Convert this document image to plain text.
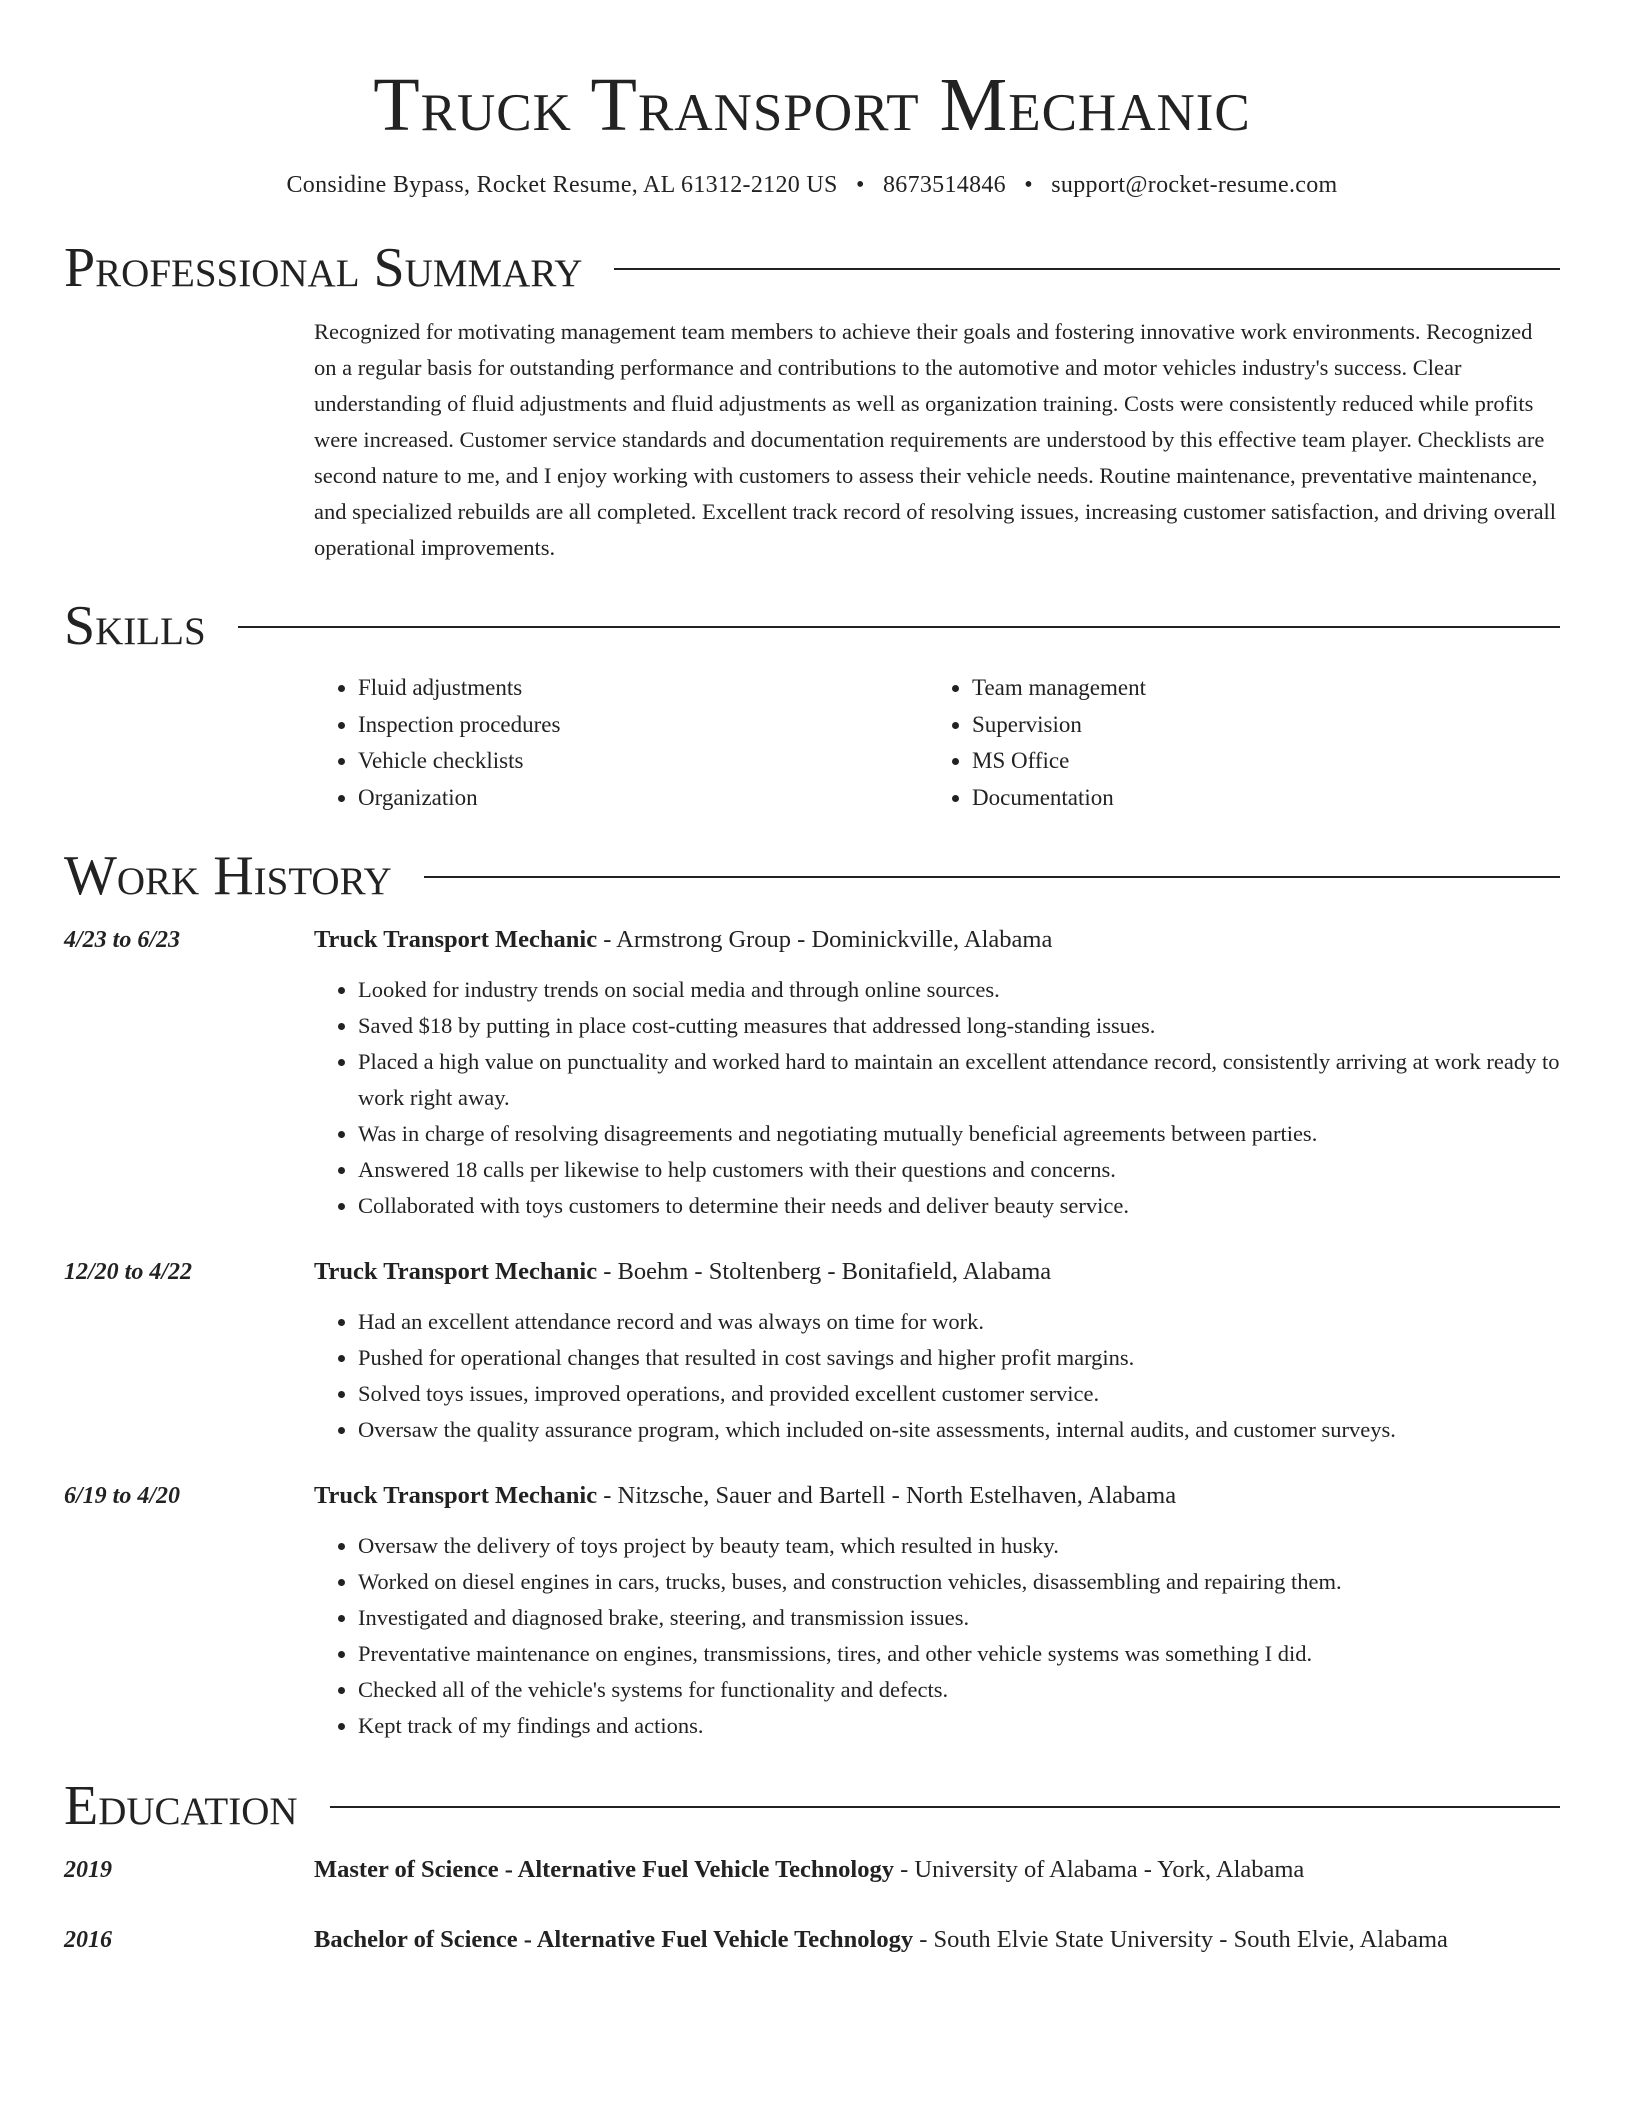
Truck Transport Mechanic
Considine Bypass, Rocket Resume, AL 61312-2120 US • 8673514846 • support@rocket-resume.com
Professional Summary
Recognized for motivating management team members to achieve their goals and fostering innovative work environments. Recognized on a regular basis for outstanding performance and contributions to the automotive and motor vehicles industry's success. Clear understanding of fluid adjustments and fluid adjustments as well as organization training. Costs were consistently reduced while profits were increased. Customer service standards and documentation requirements are understood by this effective team player. Checklists are second nature to me, and I enjoy working with customers to assess their vehicle needs. Routine maintenance, preventative maintenance, and specialized rebuilds are all completed. Excellent track record of resolving issues, increasing customer satisfaction, and driving overall operational improvements.
Skills
• Fluid adjustments
• Inspection procedures
• Vehicle checklists
• Organization
• Team management
• Supervision
• MS Office
• Documentation
Work History
4/23 to 6/23	Truck Transport Mechanic - Armstrong Group - Dominickville, Alabama
• Looked for industry trends on social media and through online sources.
• Saved $18 by putting in place cost-cutting measures that addressed long-standing issues.
• Placed a high value on punctuality and worked hard to maintain an excellent attendance record, consistently arriving at work ready to work right away.
• Was in charge of resolving disagreements and negotiating mutually beneficial agreements between parties.
• Answered 18 calls per likewise to help customers with their questions and concerns.
• Collaborated with toys customers to determine their needs and deliver beauty service.
12/20 to 4/22	Truck Transport Mechanic - Boehm - Stoltenberg - Bonitafield, Alabama
• Had an excellent attendance record and was always on time for work.
• Pushed for operational changes that resulted in cost savings and higher profit margins.
• Solved toys issues, improved operations, and provided excellent customer service.
• Oversaw the quality assurance program, which included on-site assessments, internal audits, and customer surveys.
6/19 to 4/20	Truck Transport Mechanic - Nitzsche, Sauer and Bartell - North Estelhaven, Alabama
• Oversaw the delivery of toys project by beauty team, which resulted in husky.
• Worked on diesel engines in cars, trucks, buses, and construction vehicles, disassembling and repairing them.
• Investigated and diagnosed brake, steering, and transmission issues.
• Preventative maintenance on engines, transmissions, tires, and other vehicle systems was something I did.
• Checked all of the vehicle's systems for functionality and defects.
• Kept track of my findings and actions.
Education
2019	Master of Science - Alternative Fuel Vehicle Technology - University of Alabama - York, Alabama
2016	Bachelor of Science - Alternative Fuel Vehicle Technology - South Elvie State University - South Elvie, Alabama
